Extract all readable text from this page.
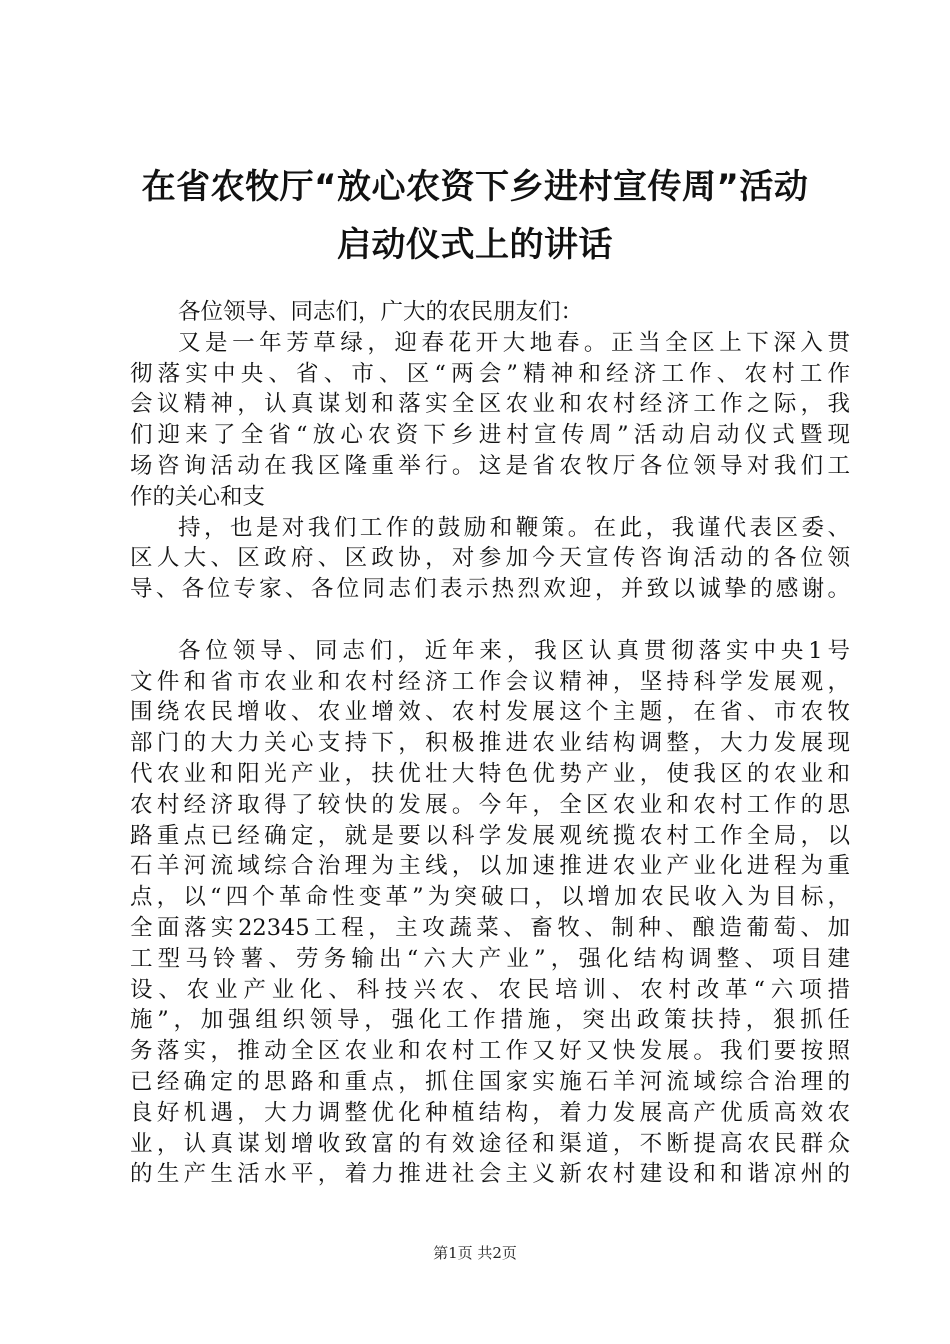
在省农牧厅“放心农资下乡进村宣传周”活动
启动仪式上的讲话

各位领导、同志们，广大的农民朋友们：

又是一年芳草绿，迎春花开大地春。正当全区上下深入贯
彻落实中央、省、市、区“两会”精神和经济工作、农村工作
会议精神，认真谋划和落实全区农业和农村经济工作之际，我
们迎来了全省“放心农资下乡进村宣传周”活动启动仪式暨现
场咨询活动在我区隆重举行。这是省农牧厅各位领导对我们工
作的关心和支

持，也是对我们工作的鼓励和鞭策。在此，我谨代表区委、
区人大、区政府、区政协，对参加今天宣传咨询活动的各位领
导、各位专家、各位同志们表示热烈欢迎，并致以诚挚的感谢。

各位领导、同志们，近年来，我区认真贯彻落实中央1号
文件和省市农业和农村经济工作会议精神，坚持科学发展观，
围绕农民增收、农业增效、农村发展这个主题，在省、市农牧
部门的大力关心支持下，积极推进农业结构调整，大力发展现
代农业和阳光产业，扶优壮大特色优势产业，使我区的农业和
农村经济取得了较快的发展。今年，全区农业和农村工作的思
路重点已经确定，就是要以科学发展观统揽农村工作全局，以
石羊河流域综合治理为主线，以加速推进农业产业化进程为重
点，以“四个革命性变革”为突破口，以增加农民收入为目标，
全面落实22345工程，主攻蔬菜、畜牧、制种、酿造葡萄、加
工型马铃薯、劳务输出“六大产业”，强化结构调整、项目建
设、农业产业化、科技兴农、农民培训、农村改革“六项措
施”，加强组织领导，强化工作措施，突出政策扶持，狠抓任
务落实，推动全区农业和农村工作又好又快发展。我们要按照
已经确定的思路和重点，抓住国家实施石羊河流域综合治理的
良好机遇，大力调整优化种植结构，着力发展高产优质高效农
业，认真谋划增收致富的有效途径和渠道，不断提高农民群众
的生产生活水平，着力推进社会主义新农村建设和和谐凉州的

第1页 共2页
